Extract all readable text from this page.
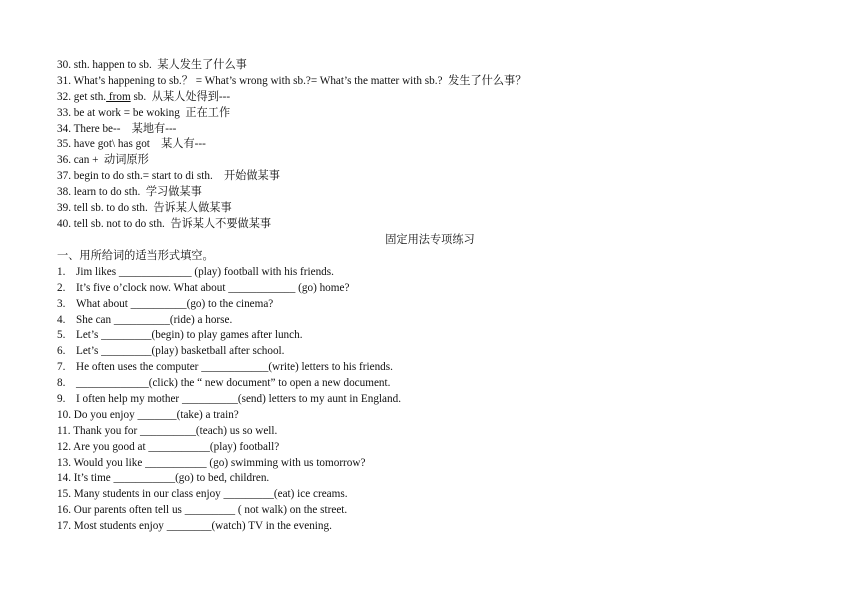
30. sth. happen to sb.  某人发生了什么事
31. What’s happening to sb.？ = What’s wrong with sb.?= What’s the matter with sb.?  发生了什么事？
32. get sth. from sb.  从某人处得到---
33. be at work = be woking  正在工作
34. There be--    某地有---
35. have got\ has got    某人有---
36. can +  动词原形
37. begin to do sth.= start to di sth.    开始做某事
38. learn to do sth.  学习做某事
39. tell sb. to do sth.  告诉某人做某事
40. tell sb. not to do sth.  告诉某人不要做某事
固定用法专项练习
一、用所给词的适当形式填空。
1. Jim likes _____________ (play) football with his friends.
2. It’s five o’clock now. What about ____________ (go) home?
3. What about __________(go) to the cinema?
4. She can __________(ride) a horse.
5. Let’s _________(begin) to play games after lunch.
6. Let’s _________(play) basketball after school.
7. He often uses the computer ____________(write) letters to his friends.
8. _____________(click) the “ new document” to open a new document.
9. I often help my mother __________(send) letters to my aunt in England.
10. Do you enjoy _______(take) a train?
11. Thank you for __________(teach) us so well.
12. Are you good at ___________(play) football?
13. Would you like ___________ (go) swimming with us tomorrow?
14. It’s time ___________(go) to bed, children.
15. Many students in our class enjoy _________(eat) ice creams.
16. Our parents often tell us _________ ( not walk) on the street.
17. Most students enjoy ________(watch) TV in the evening.
